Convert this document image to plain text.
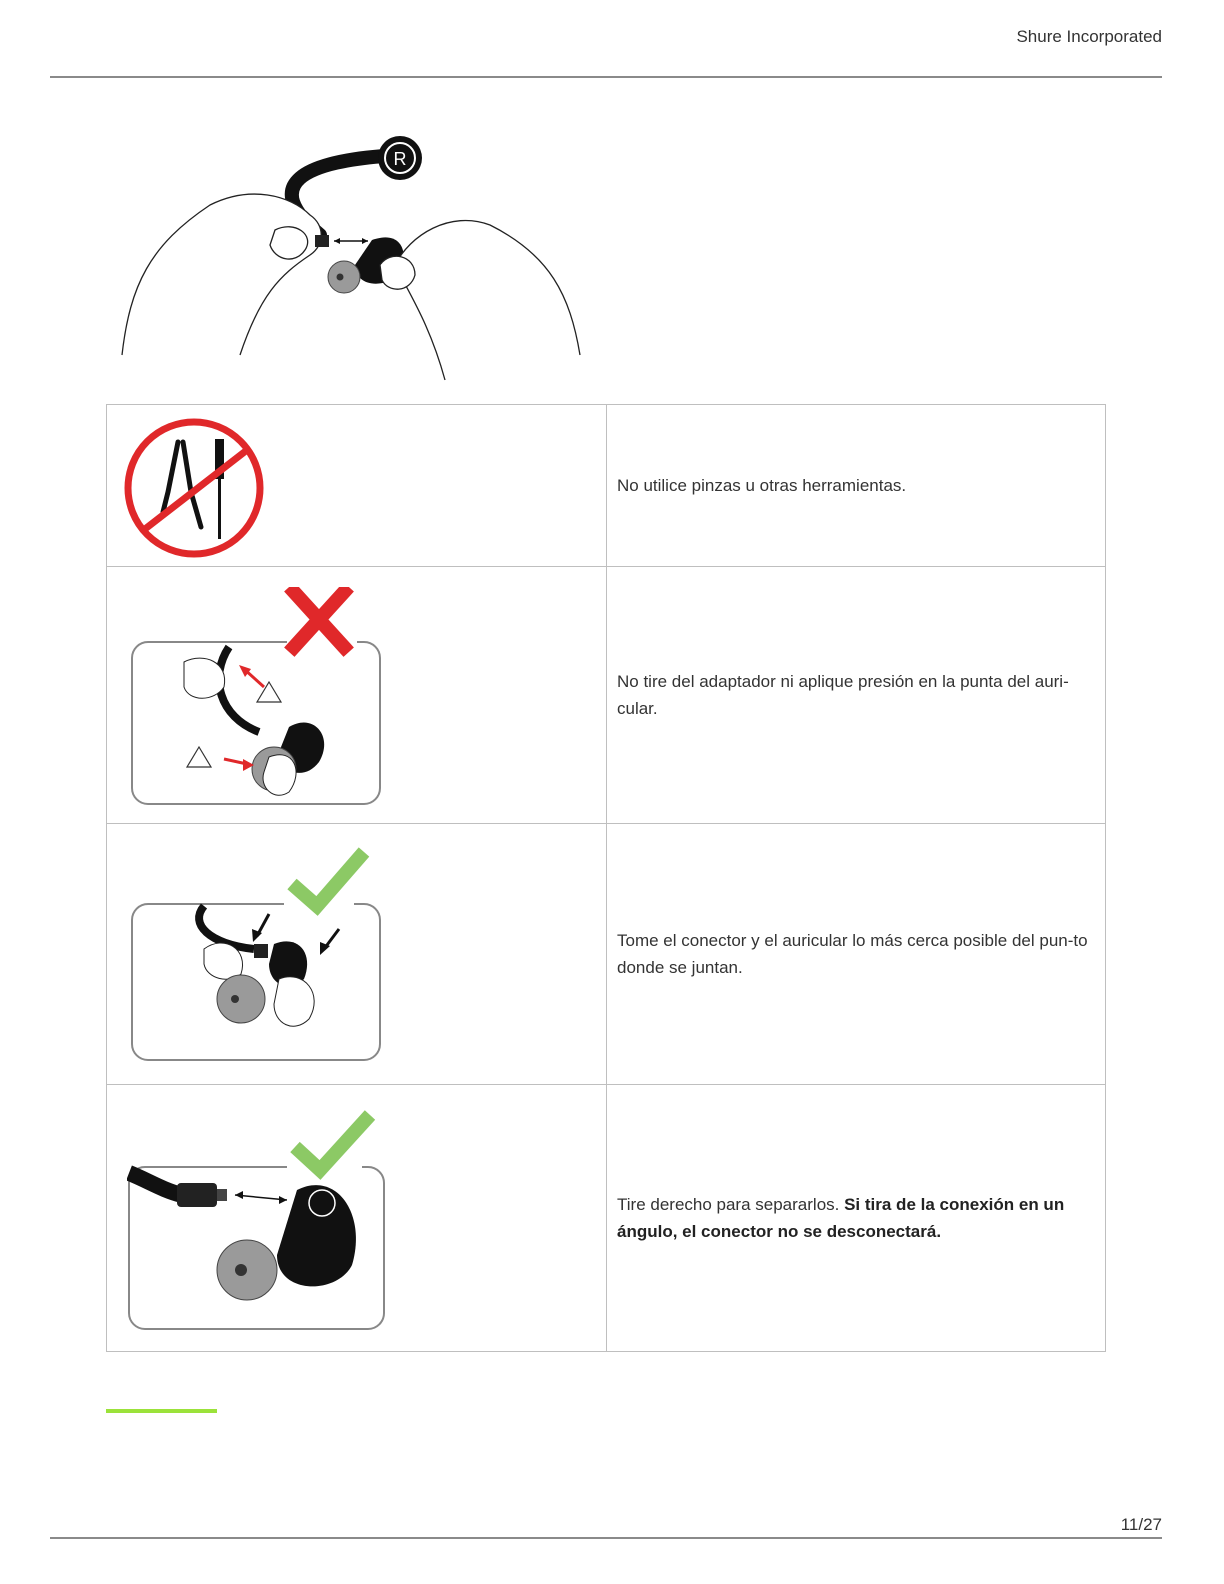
Shure Incorporated
R
	No utilice pinzas u otras herramientas.

	No tire del adaptador ni aplique presión en la punta del auri-cular.

	Tome el conector y el auricular lo más cerca posible del pun-to donde se juntan.

	Tire derecho para separarlos. Si tira de la conexión en un ángulo, el conector no se desconectará.
11/27
